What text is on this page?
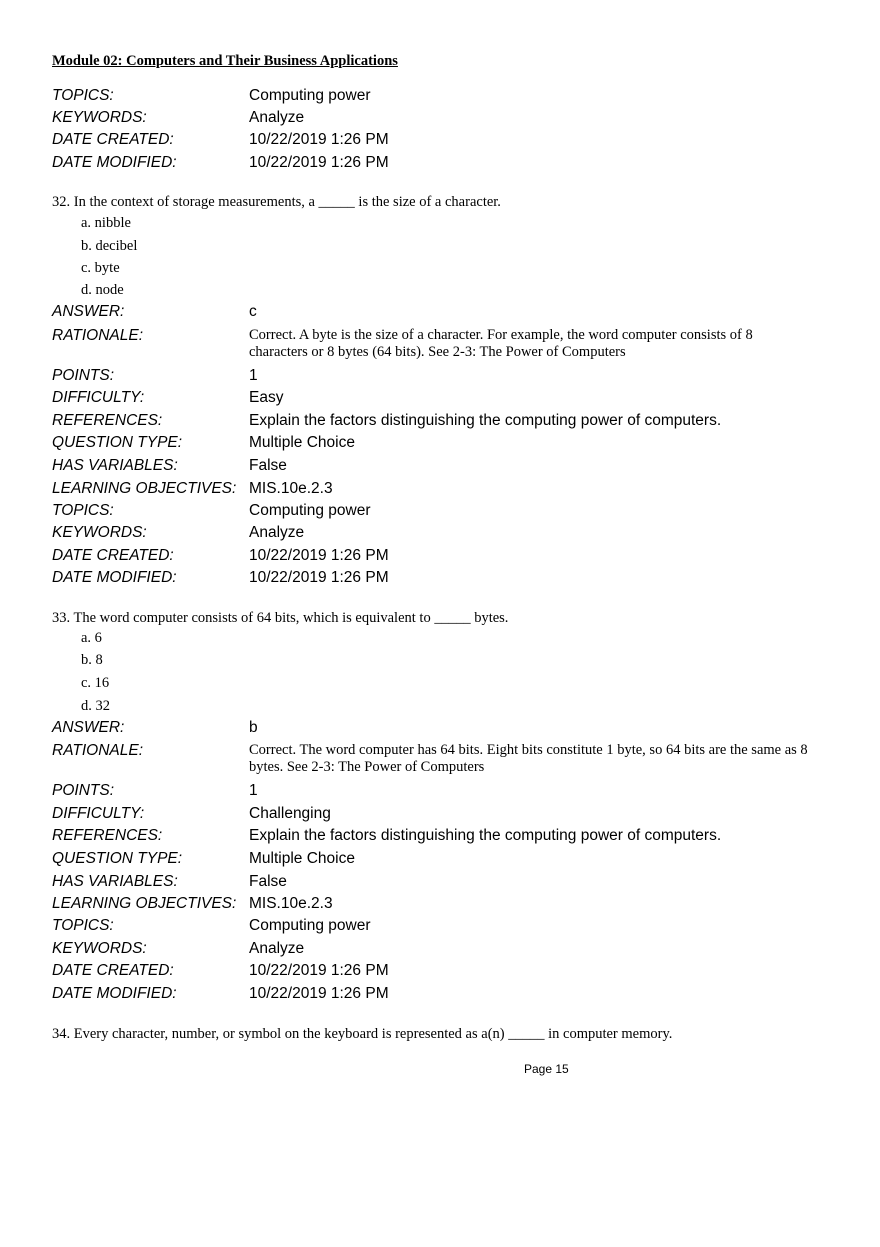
Module 02: Computers and Their Business Applications
TOPICS:	Computing power
KEYWORDS:	Analyze
DATE CREATED:	10/22/2019 1:26 PM
DATE MODIFIED:	10/22/2019 1:26 PM
32. In the context of storage measurements, a _____ is the size of a character.
a. nibble
b. decibel
c. byte
d. node
ANSWER:	c
RATIONALE:	Correct. A byte is the size of a character. For example, the word computer consists of 8 characters or 8 bytes (64 bits). See 2-3: The Power of Computers
POINTS:	1
DIFFICULTY:	Easy
REFERENCES:	Explain the factors distinguishing the computing power of computers.
QUESTION TYPE:	Multiple Choice
HAS VARIABLES:	False
LEARNING OBJECTIVES: MIS.10e.2.3
TOPICS:	Computing power
KEYWORDS:	Analyze
DATE CREATED:	10/22/2019 1:26 PM
DATE MODIFIED:	10/22/2019 1:26 PM
33. The word computer consists of 64 bits, which is equivalent to _____ bytes.
a. 6
b. 8
c. 16
d. 32
ANSWER:	b
RATIONALE:	Correct. The word computer has 64 bits. Eight bits constitute 1 byte, so 64 bits are the same as 8 bytes. See 2-3: The Power of Computers
POINTS:	1
DIFFICULTY:	Challenging
REFERENCES:	Explain the factors distinguishing the computing power of computers.
QUESTION TYPE:	Multiple Choice
HAS VARIABLES:	False
LEARNING OBJECTIVES: MIS.10e.2.3
TOPICS:	Computing power
KEYWORDS:	Analyze
DATE CREATED:	10/22/2019 1:26 PM
DATE MODIFIED:	10/22/2019 1:26 PM
34. Every character, number, or symbol on the keyboard is represented as a(n) _____ in computer memory.
Page 15
